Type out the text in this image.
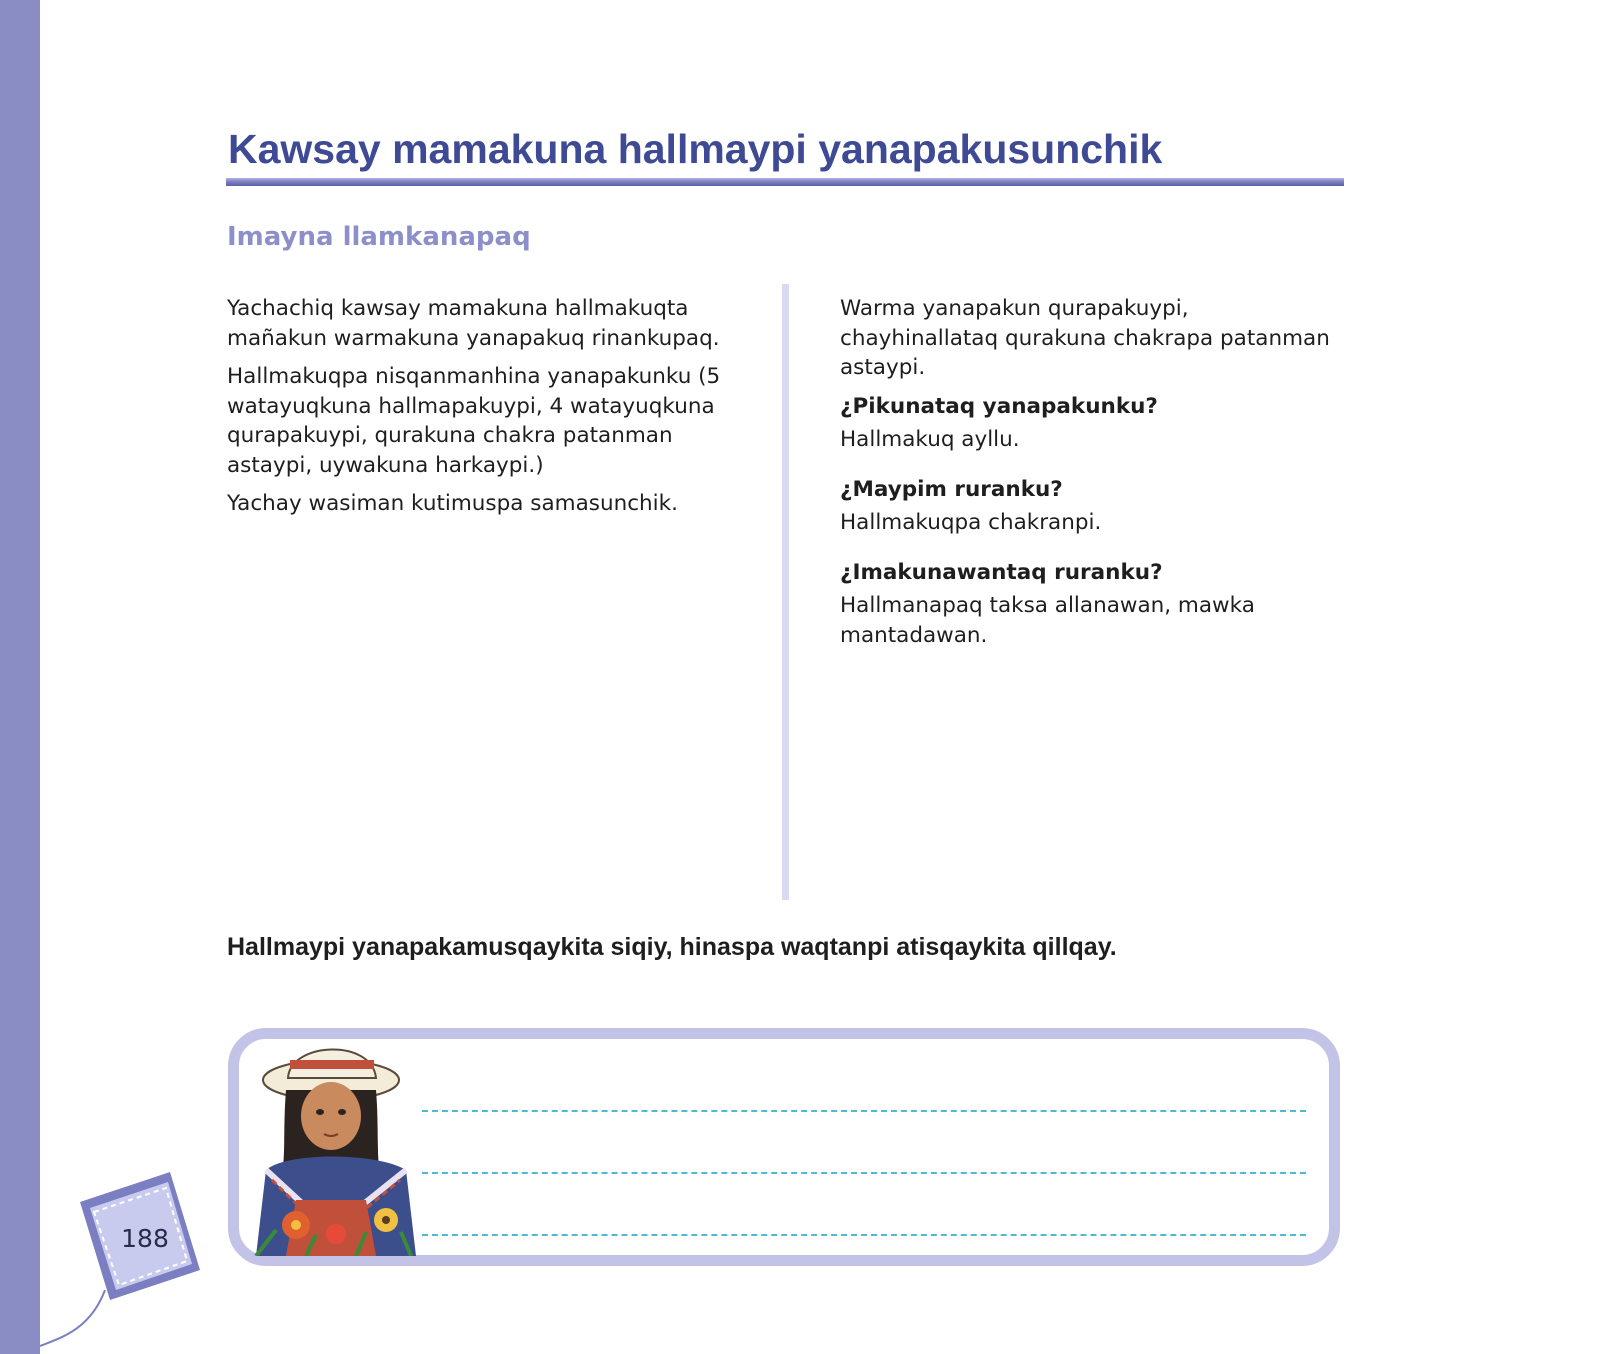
Kawsay mamakuna hallmaypi yanapakusunchik
Imayna llamkanapaq

Yachachiq kawsay mamakuna hallmakuqta mañakun warmakuna yanapakuq rinankupaq.

Hallmakuqpa nisqanmanhina yanapakunku (5 watayuqkuna hallmapakuypi, 4 watayuqkuna qurapakuypi, qurakuna chakra patanman astaypi, uywakuna harkaypi.)

Yachay wasiman kutimuspa samasunchik.

Warma yanapakun qurapakuypi, chayhinallataq qurakuna chakrapa patanman astaypi.

¿Pikunataq yanapakunku?

Hallmakuq ayllu.

¿Maypim ruranku?

Hallmakuqpa chakranpi.

¿Imakunawantaq ruranku?

Hallmanapaq taksa allanawan, mawka mantadawan.

Hallmaypi yanapakamusqaykita siqiy, hinaspa waqtanpi atisqaykita qillqay.

188
